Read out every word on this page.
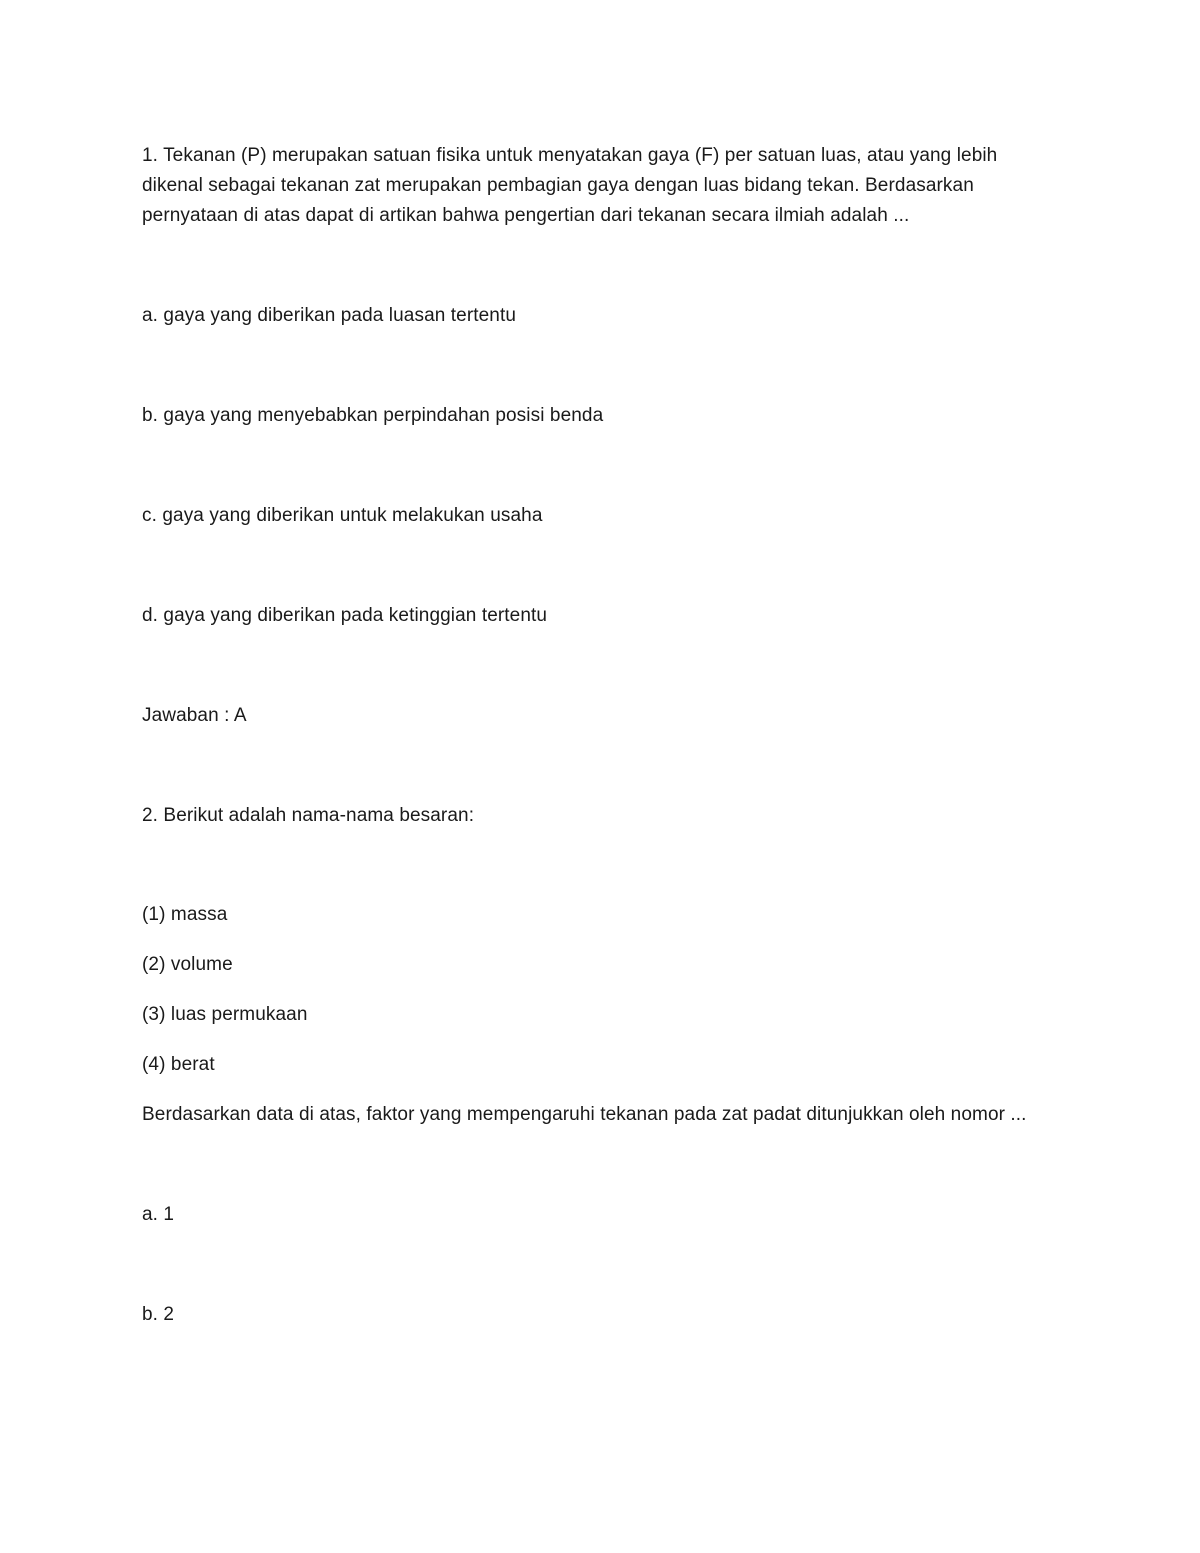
1. Tekanan (P) merupakan satuan fisika untuk menyatakan gaya (F) per satuan luas, atau yang lebih dikenal sebagai tekanan zat merupakan pembagian gaya dengan luas bidang tekan. Berdasarkan pernyataan di atas dapat di artikan bahwa pengertian dari tekanan secara ilmiah adalah ...
a. gaya yang diberikan pada luasan tertentu
b. gaya yang menyebabkan perpindahan posisi benda
c. gaya yang diberikan untuk melakukan usaha
d. gaya yang diberikan pada ketinggian tertentu
Jawaban : A
2. Berikut adalah nama-nama besaran:
(1) massa
(2) volume
(3) luas permukaan
(4) berat
Berdasarkan data di atas, faktor yang mempengaruhi tekanan pada zat padat ditunjukkan oleh nomor ...
a. 1
b. 2
